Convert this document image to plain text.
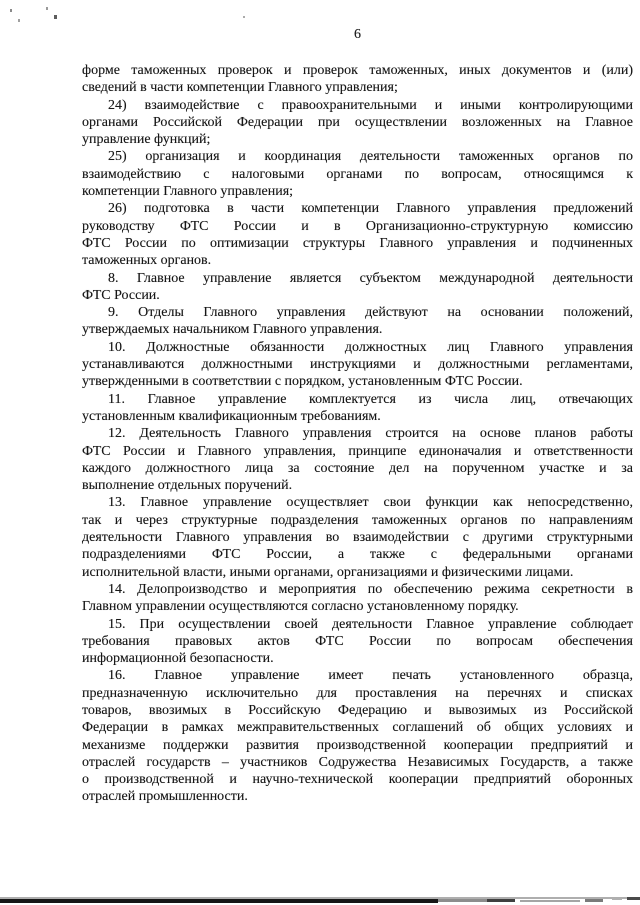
6
форме таможенных проверок и проверок таможенных, иных документов и (или)
сведений в части компетенции Главного управления;
24) взаимодействие с правоохранительными и иными контролирующими
органами Российской Федерации при осуществлении возложенных на Главное
управление функций;
25) организация и координация деятельности таможенных органов по
взаимодействию с налоговыми органами по вопросам, относящимся к
компетенции Главного управления;
26) подготовка в части компетенции Главного управления предложений
руководству ФТС России и в Организационно-структурную комиссию
ФТС России по оптимизации структуры Главного управления и подчиненных
таможенных органов.
8. Главное управление является субъектом международной деятельности
ФТС России.
9. Отделы Главного управления действуют на основании положений,
утверждаемых начальником Главного управления.
10. Должностные обязанности должностных лиц Главного управления
устанавливаются должностными инструкциями и должностными регламентами,
утвержденными в соответствии с порядком, установленным ФТС России.
11. Главное управление комплектуется из числа лиц, отвечающих
установленным квалификационным требованиям.
12. Деятельность Главного управления строится на основе планов работы
ФТС России и Главного управления, принципе единоначалия и ответственности
каждого должностного лица за состояние дел на порученном участке и за
выполнение отдельных поручений.
13. Главное управление осуществляет свои функции как непосредственно,
так и через структурные подразделения таможенных органов по направлениям
деятельности Главного управления во взаимодействии с другими структурными
подразделениями ФТС России, а также с федеральными органами
исполнительной власти, иными органами, организациями и физическими лицами.
14. Делопроизводство и мероприятия по обеспечению режима секретности в
Главном управлении осуществляются согласно установленному порядку.
15. При осуществлении своей деятельности Главное управление соблюдает
требования правовых актов ФТС России по вопросам обеспечения
информационной безопасности.
16. Главное управление имеет печать установленного образца,
предназначенную исключительно для проставления на перечнях и списках
товаров, ввозимых в Российскую Федерацию и вывозимых из Российской
Федерации в рамках межправительственных соглашений об общих условиях и
механизме поддержки развития производственной кооперации предприятий и
отраслей государств – участников Содружества Независимых Государств, а также
о производственной и научно-технической кооперации предприятий оборонных
отраслей промышленности.
